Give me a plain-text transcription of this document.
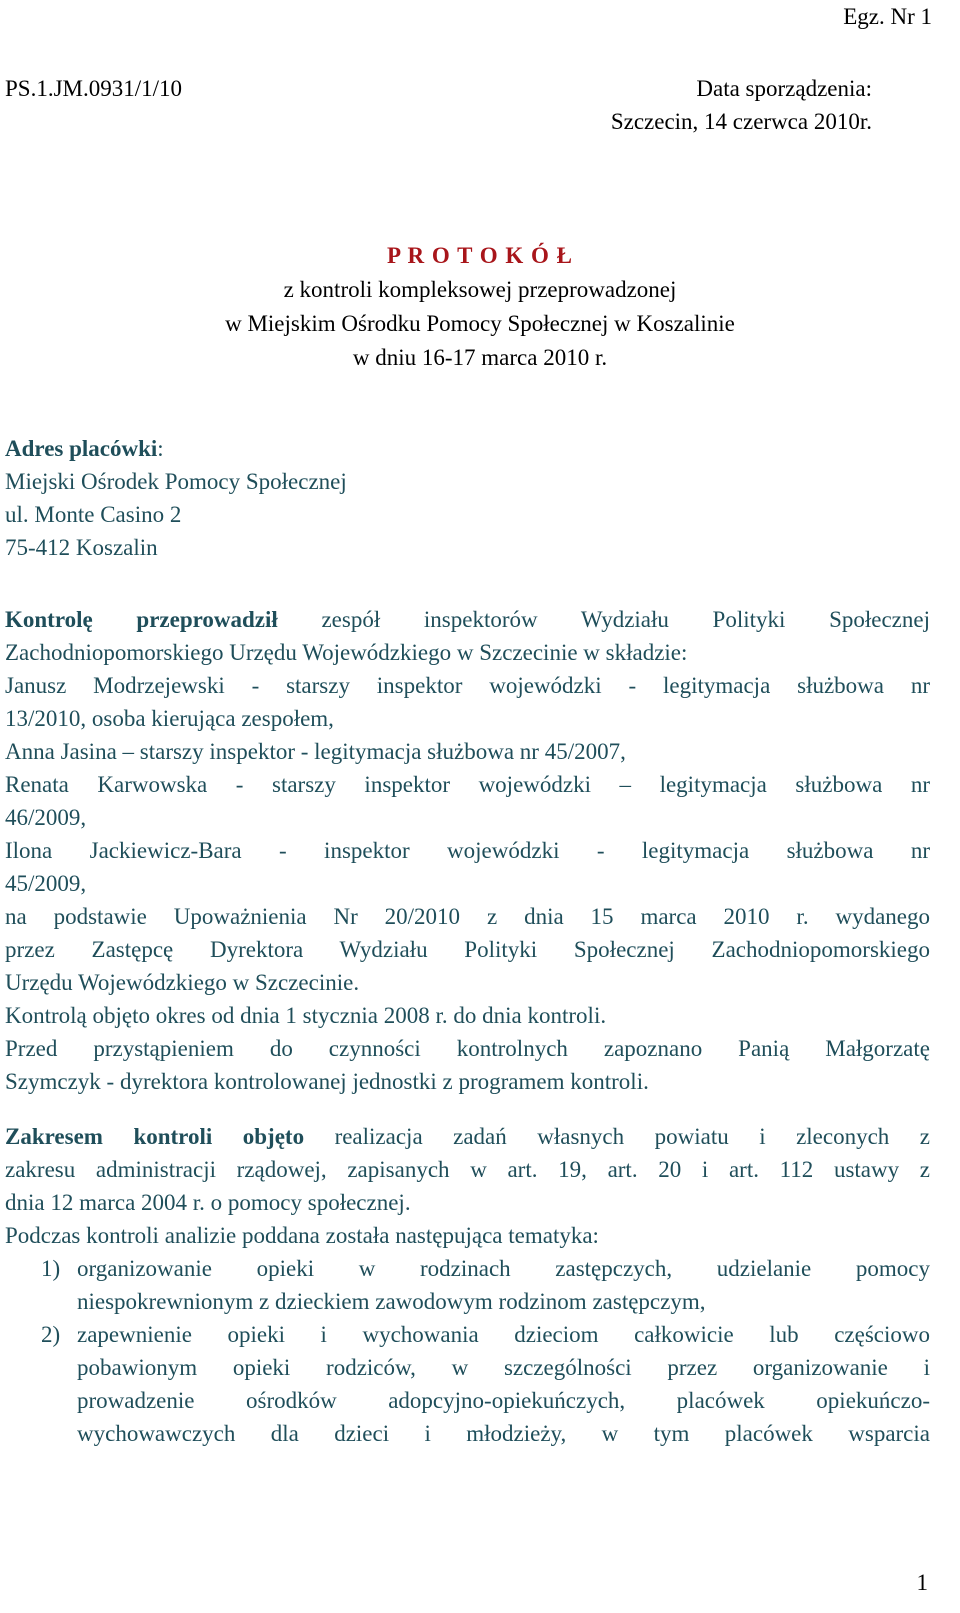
Egz. Nr 1
PS.1.JM.0931/1/10	Data sporządzenia:
Szczecin, 14 czerwca 2010r.
P R O T O K Ó Ł
z kontroli kompleksowej przeprowadzonej
w Miejskim Ośrodku Pomocy Społecznej w Koszalinie
w dniu 16-17 marca 2010 r.
Adres placówki:
Miejski Ośrodek Pomocy Społecznej
ul. Monte Casino 2
75-412 Koszalin
Kontrolę przeprowadził zespół inspektorów Wydziału Polityki Społecznej
Zachodniopomorskiego Urzędu Wojewódzkiego w Szczecinie w składzie:
Janusz Modrzejewski - starszy inspektor wojewódzki - legitymacja służbowa nr
13/2010, osoba kierująca zespołem,
Anna Jasina – starszy inspektor - legitymacja służbowa nr 45/2007,
Renata Karwowska - starszy inspektor wojewódzki – legitymacja służbowa nr
46/2009,
Ilona Jackiewicz-Bara - inspektor wojewódzki - legitymacja służbowa nr
45/2009,
na podstawie Upoważnienia Nr 20/2010 z dnia 15 marca 2010 r. wydanego
przez Zastępcę Dyrektora Wydziału Polityki Społecznej Zachodniopomorskiego
Urzędu Wojewódzkiego w Szczecinie.
Kontrolą objęto okres od dnia 1 stycznia 2008 r. do dnia kontroli.
Przed przystąpieniem do czynności kontrolnych zapoznano Panią Małgorzatę
Szymczyk - dyrektora kontrolowanej jednostki z programem kontroli.
Zakresem kontroli objęto realizacja zadań własnych powiatu i zleconych z
zakresu administracji rządowej, zapisanych w art. 19, art. 20 i art. 112 ustawy z
dnia 12 marca 2004 r. o pomocy społecznej.
Podczas kontroli analizie poddana została następująca tematyka:
1) organizowanie opieki w rodzinach zastępczych, udzielanie pomocy
niespokrewnionym z dzieckiem zawodowym rodzinom zastępczym,
2) zapewnienie opieki i wychowania dzieciom całkowicie lub częściowo
pobawionym opieki rodziców, w szczególności przez organizowanie i
prowadzenie ośrodków adopcyjno-opiekuńczych, placówek opiekuńczo-
wychowawczych dla dzieci i młodzieży, w tym placówek wsparcia
1
